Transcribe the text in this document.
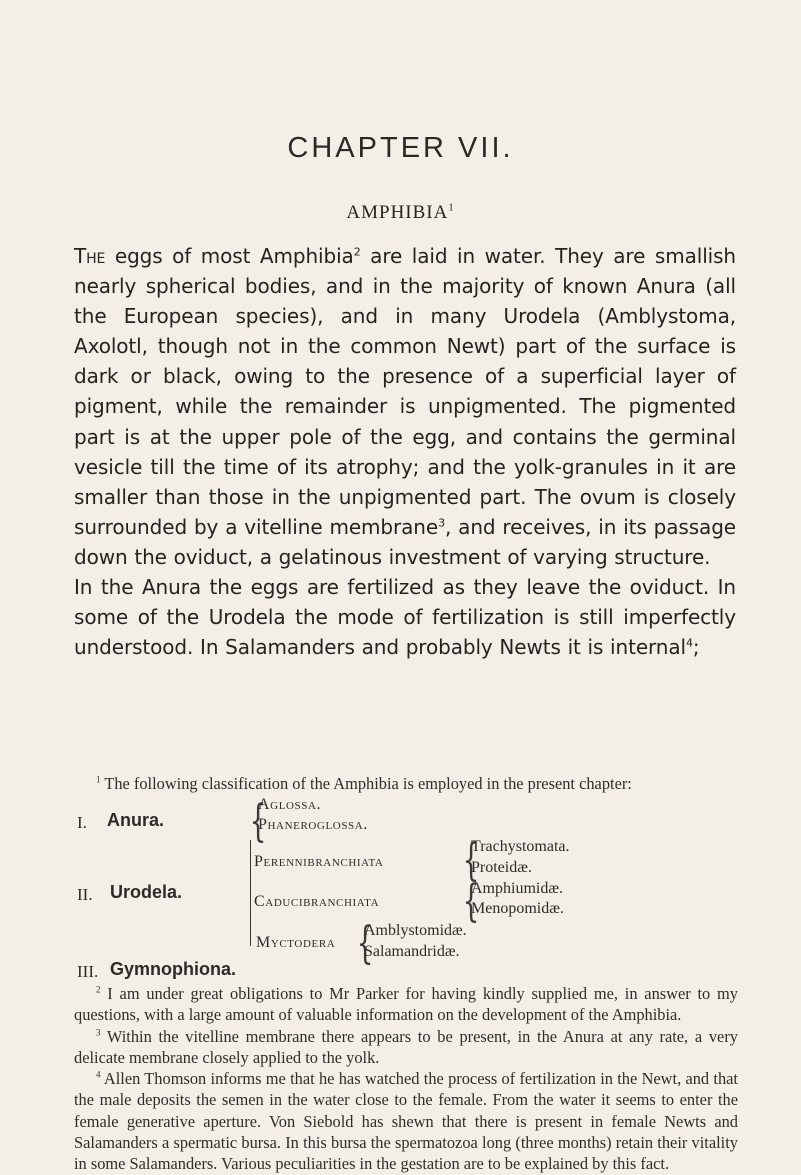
CHAPTER VII.
AMPHIBIA$^1$

The eggs of most Amphibia$^2$ are laid in water. They are smallish nearly spherical bodies, and in the majority of known Anura (all the European species), and in many Urodela (Amblystoma, Axolotl, though not in the common Newt) part of the surface is dark or black, owing to the presence of a superficial layer of pigment, while the remainder is unpigmented. The pigmented part is at the upper pole of the egg, and contains the germinal vesicle till the time of its atrophy; and the yolk-granules in it are smaller than those in the unpigmented part. The ovum is closely surrounded by a vitelline membrane$^3$, and receives, in its passage down the oviduct, a gelatinous investment of varying structure.

In the Anura the eggs are fertilized as they leave the oviduct. In some of the Urodela the mode of fertilization is still imperfectly understood. In Salamanders and probably Newts it is internal$^4$;

$^1$ The following classification of the Amphibia is employed in the present chapter:

I. Anura. {
Aglossa.
Phaneroglossa.
II. Urodela.
Perennibranchiata {
Trachystomata.
Proteidæ.
Caducibranchiata {
Amphiumidæ.
Menopomidæ.
Myctodera {
Amblystomidæ.
Salamandridæ.
III. Gymnophiona.

$^2$ I am under great obligations to Mr Parker for having kindly supplied me, in answer to my questions, with a large amount of valuable information on the development of the Amphibia.

$^3$ Within the vitelline membrane there appears to be present, in the Anura at any rate, a very delicate membrane closely applied to the yolk.

$^4$ Allen Thomson informs me that he has watched the process of fertilization in the Newt, and that the male deposits the semen in the water close to the female. From the water it seems to enter the female generative aperture. Von Siebold has shewn that there is present in female Newts and Salamanders a spermatic bursa. In this bursa the spermatozoa long (three months) retain their vitality in some Salamanders. Various peculiarities in the gestation are to be explained by this fact.
